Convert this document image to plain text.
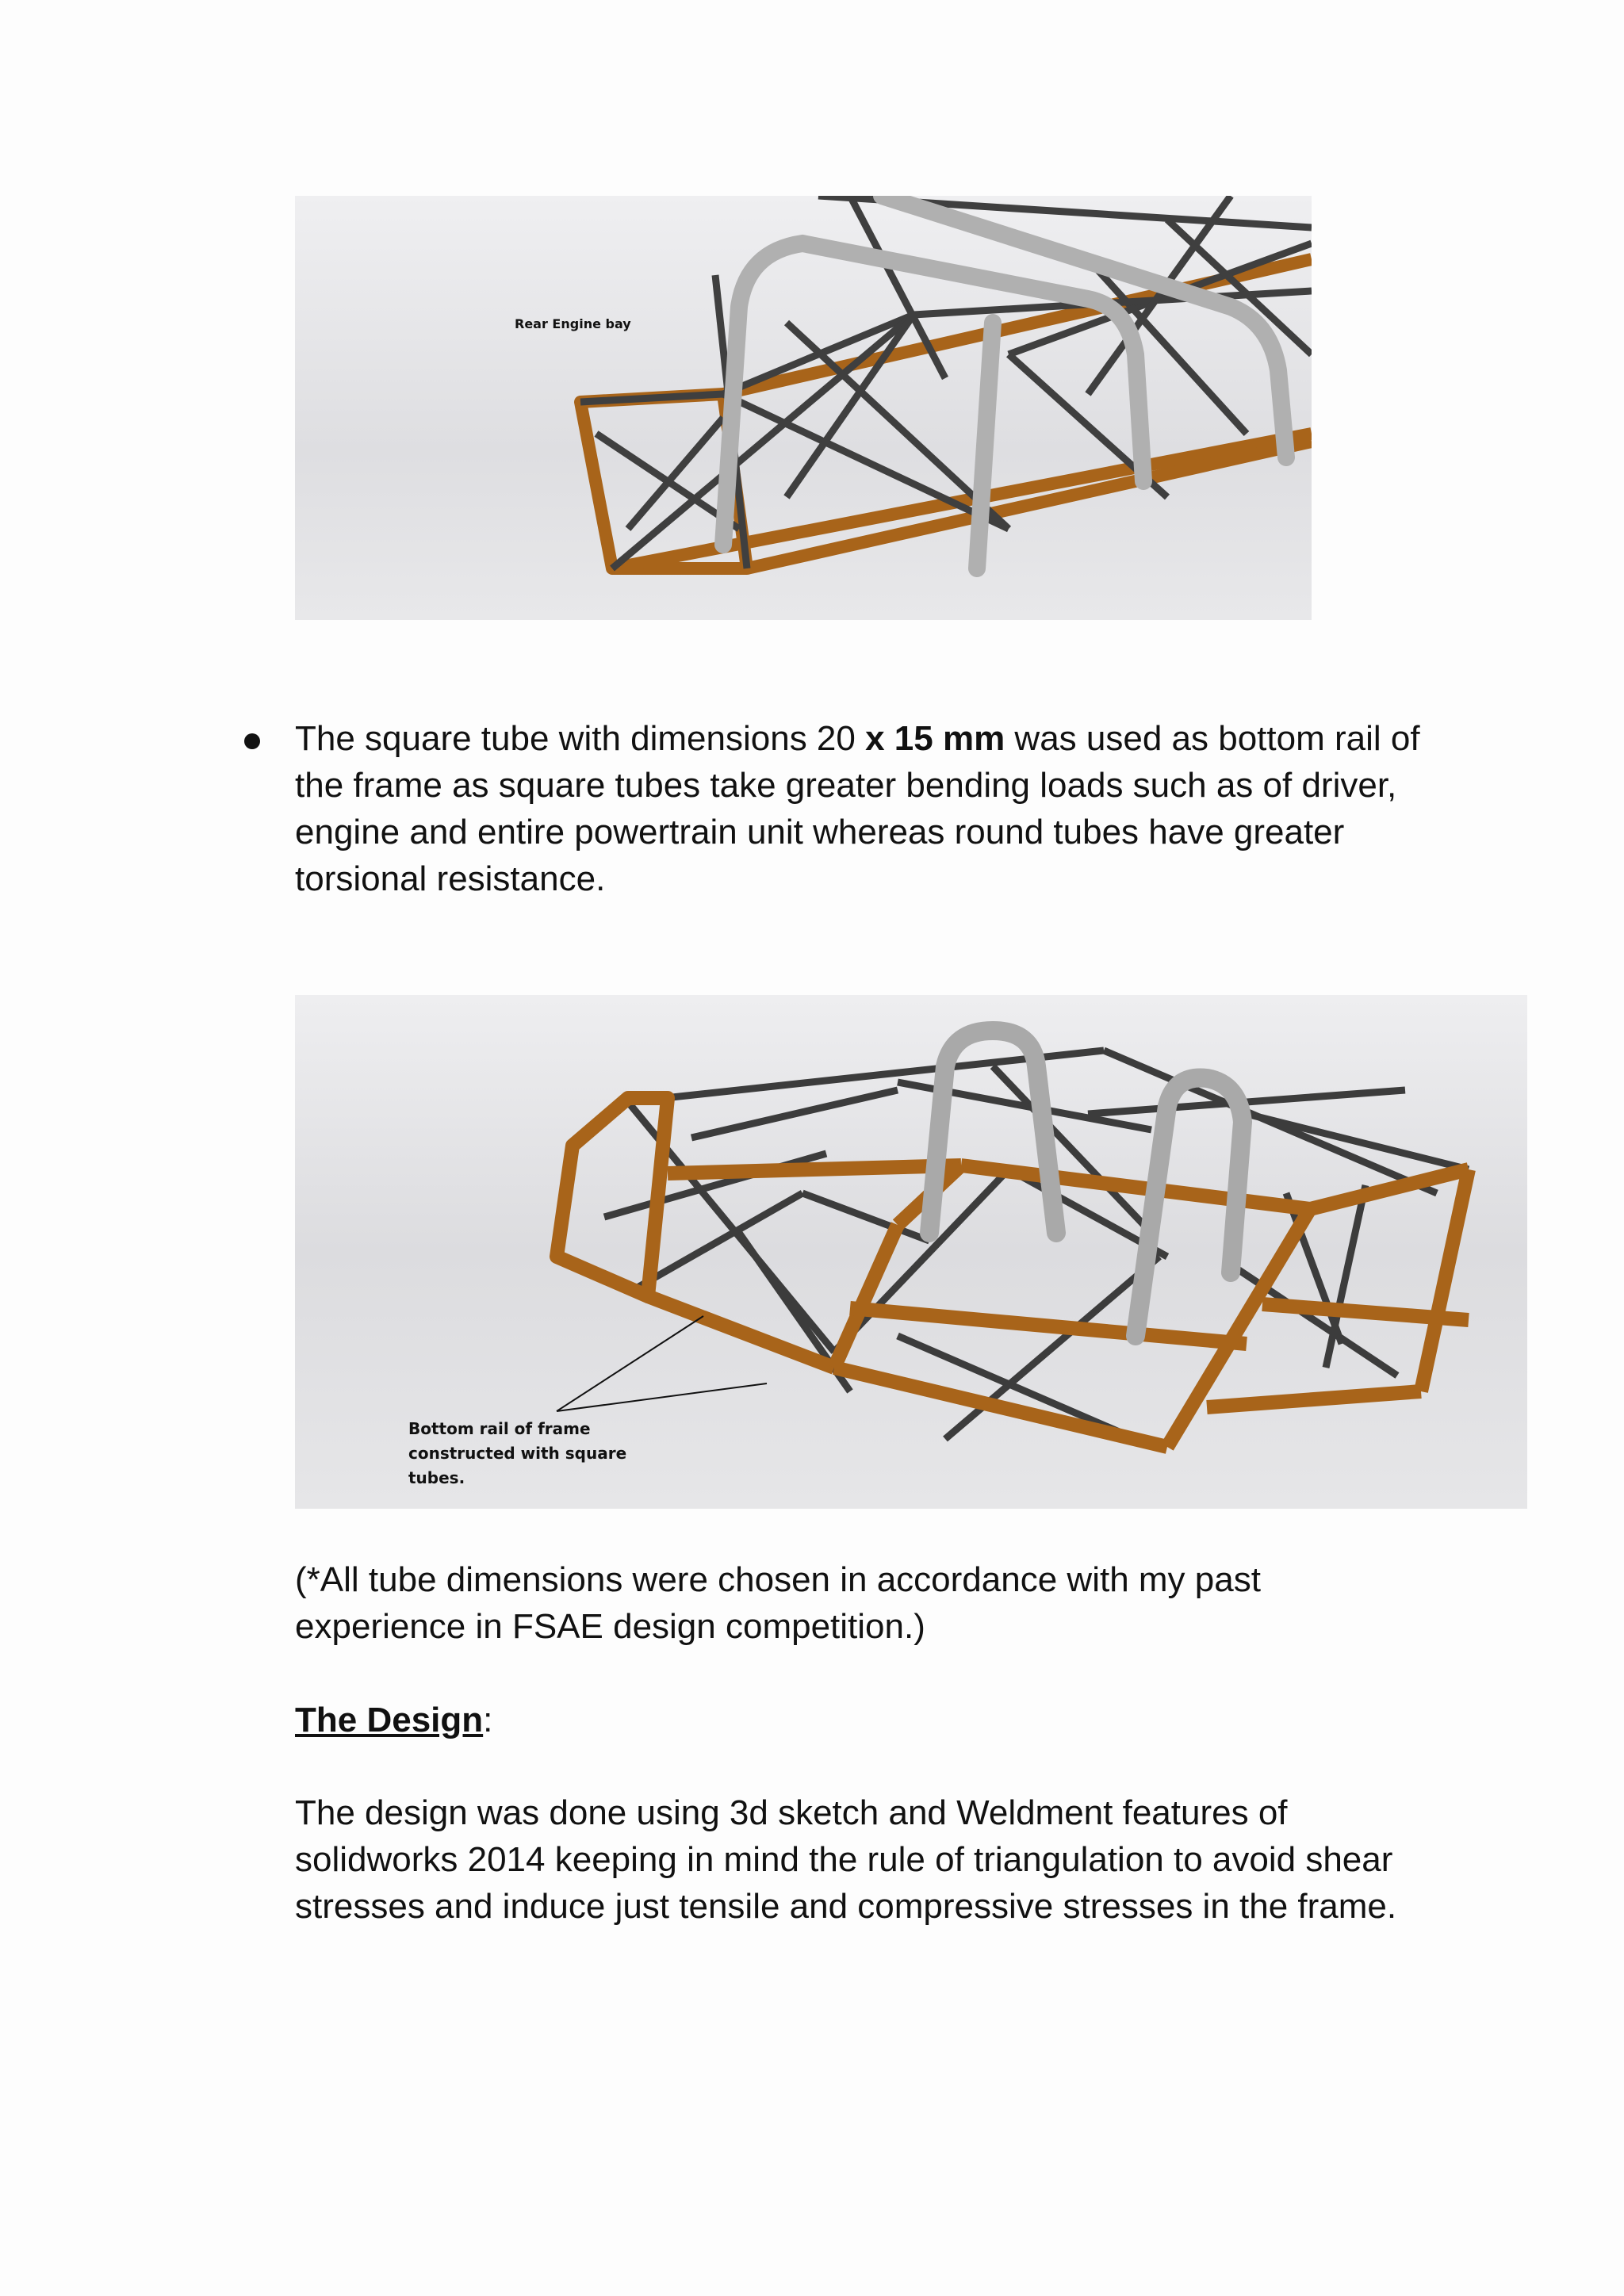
Rear Engine bay

The square tube with dimensions 20 x 15 mm was used as bottom rail of the frame as square tubes take greater bending loads such as of driver, engine and entire powertrain unit whereas round tubes have greater torsional resistance.

Bottom rail of frame
constructed with square
tubes.

(*All tube dimensions were chosen in accordance with my past experience in FSAE design competition.)

The Design:

The design was done using 3d sketch and Weldment features of solidworks 2014 keeping in mind the rule of triangulation to avoid shear stresses and induce just tensile and compressive stresses in the frame.
